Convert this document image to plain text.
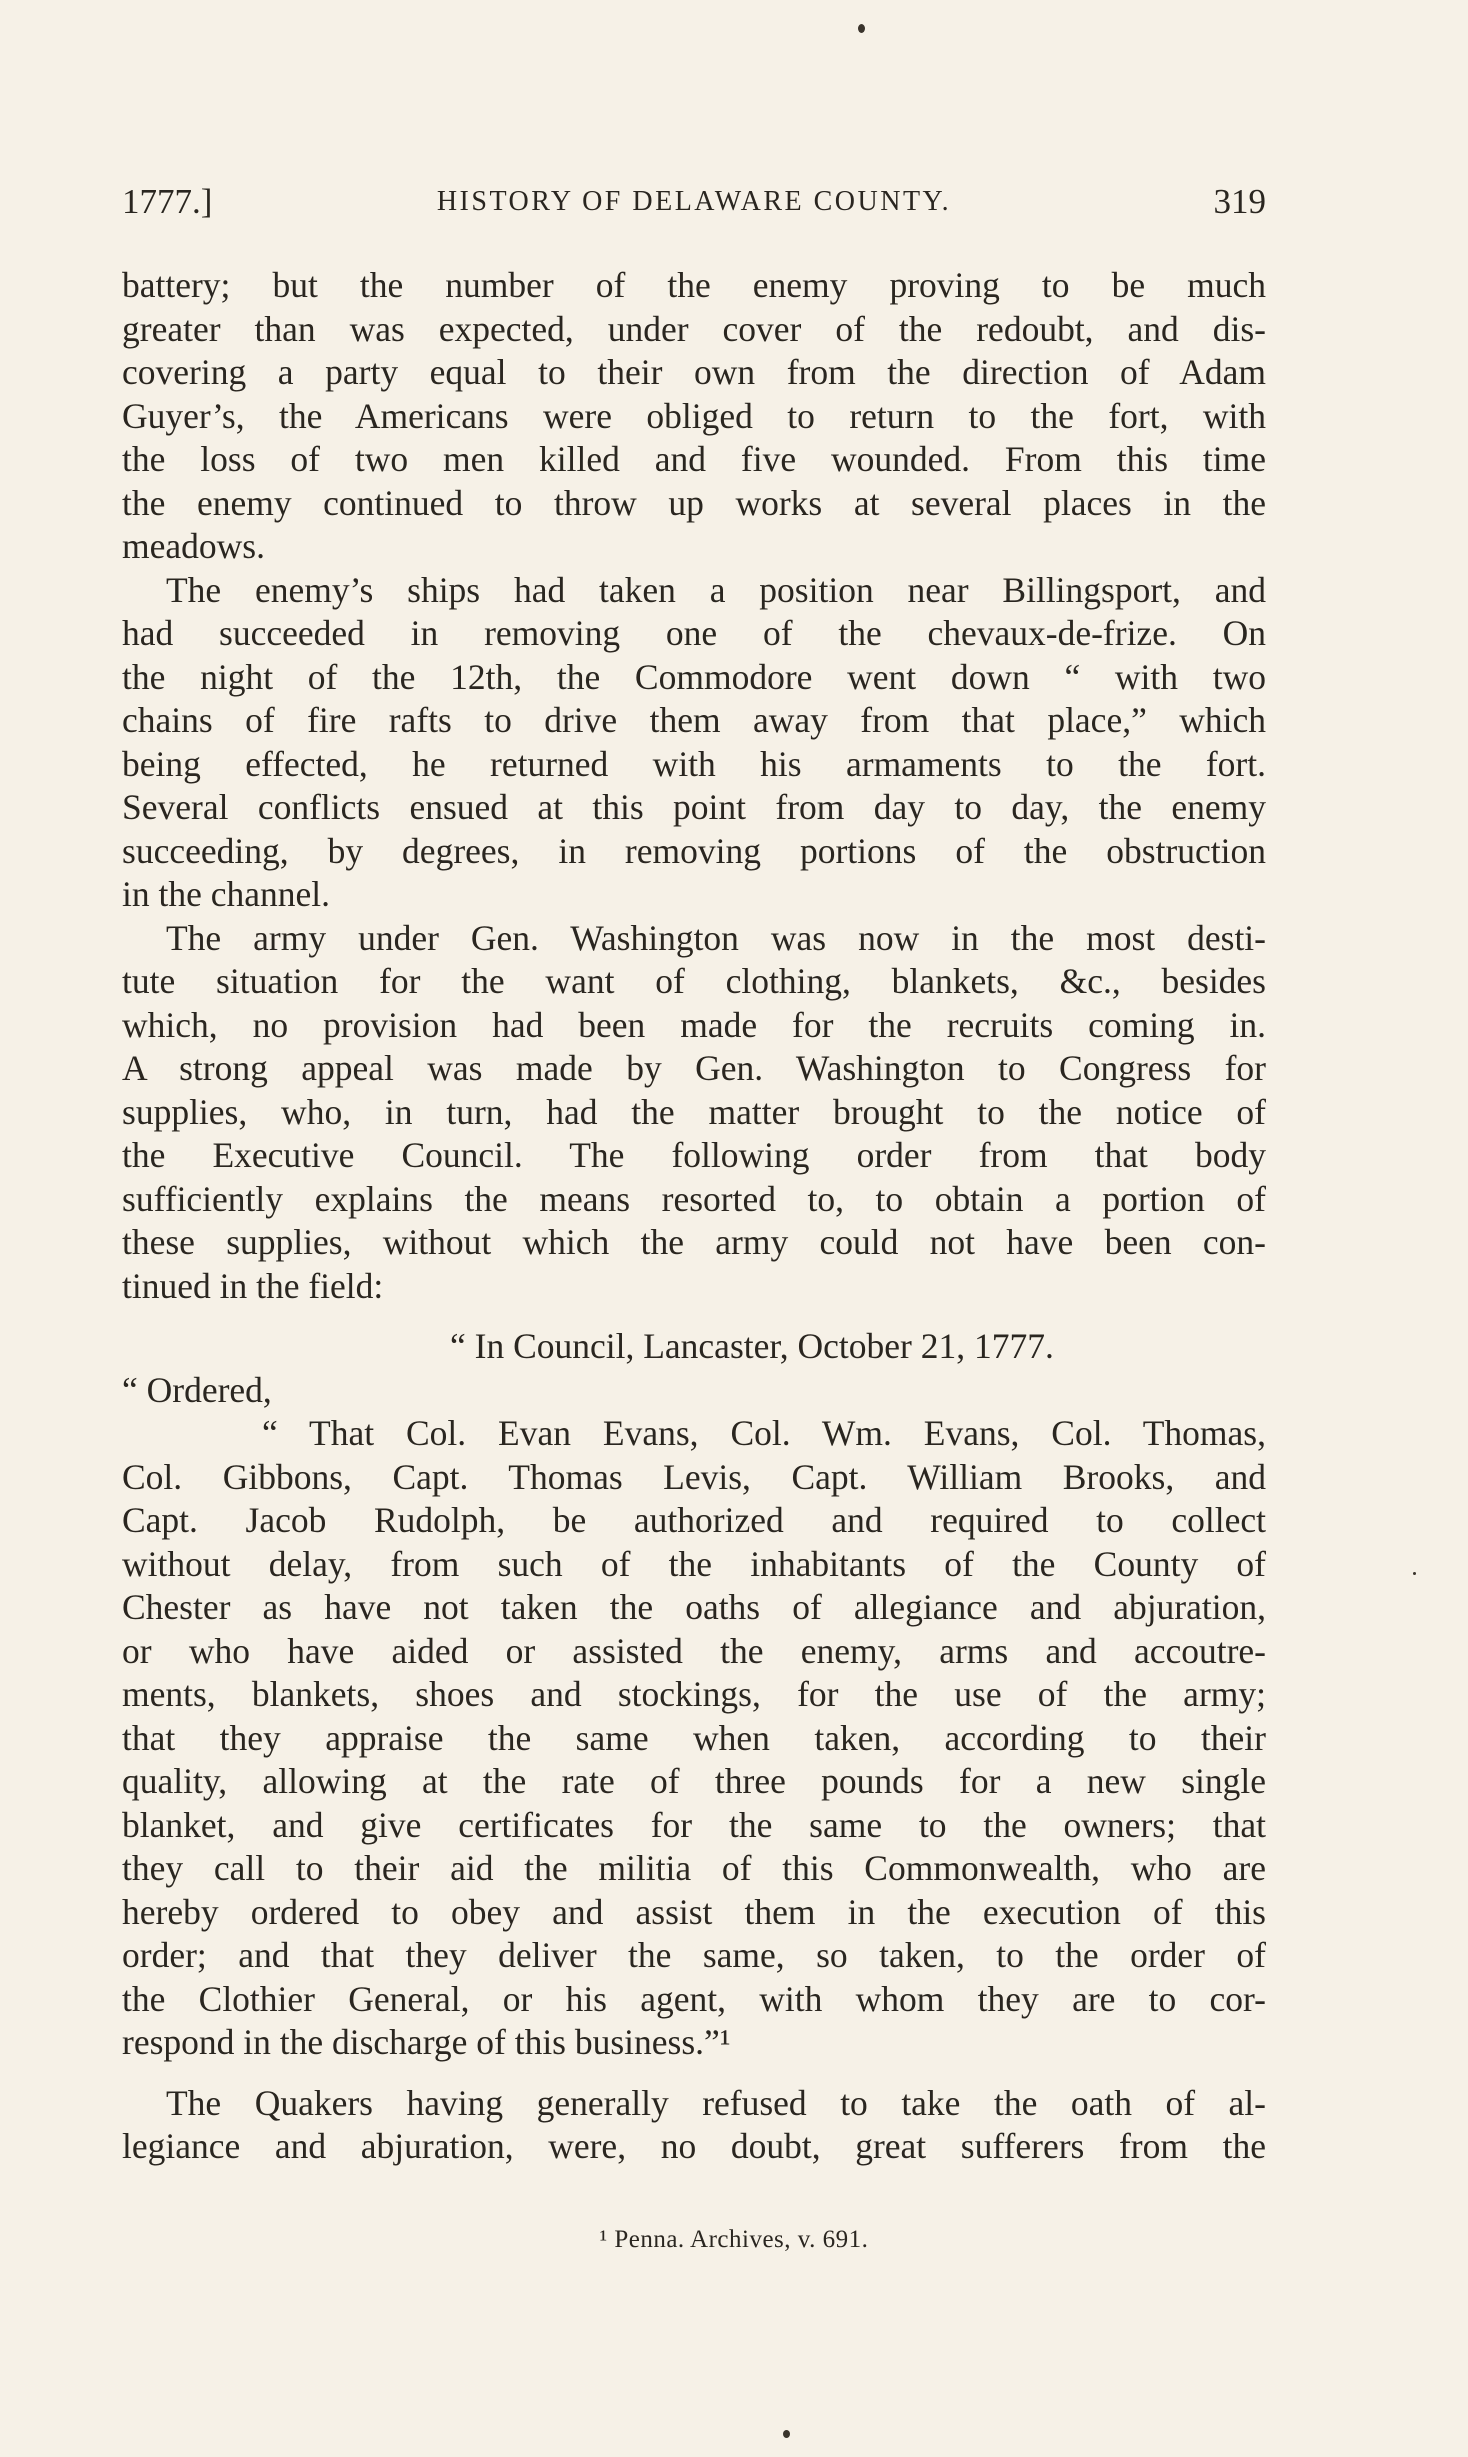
1777.]	HISTORY OF DELAWARE COUNTY.	319
battery; but the number of the enemy proving to be much
greater than was expected, under cover of the redoubt, and dis-
covering a party equal to their own from the direction of Adam
Guyer’s, the Americans were obliged to return to the fort, with
the loss of two men killed and five wounded. From this time
the enemy continued to throw up works at several places in the
meadows.
The enemy’s ships had taken a position near Billingsport, and
had succeeded in removing one of the chevaux-de-frize. On
the night of the 12th, the Commodore went down “ with two
chains of fire rafts to drive them away from that place,” which
being effected, he returned with his armaments to the fort.
Several conflicts ensued at this point from day to day, the enemy
succeeding, by degrees, in removing portions of the obstruction
in the channel.
The army under Gen. Washington was now in the most desti-
tute situation for the want of clothing, blankets, &c., besides
which, no provision had been made for the recruits coming in.
A strong appeal was made by Gen. Washington to Congress for
supplies, who, in turn, had the matter brought to the notice of
the Executive Council. The following order from that body
sufficiently explains the means resorted to, to obtain a portion of
these supplies, without which the army could not have been con-
tinued in the field:
“ In Council, Lancaster, October 21, 1777.
“ Ordered,
“ That Col. Evan Evans, Col. Wm. Evans, Col. Thomas,
Col. Gibbons, Capt. Thomas Levis, Capt. William Brooks, and
Capt. Jacob Rudolph, be authorized and required to collect
without delay, from such of the inhabitants of the County of
Chester as have not taken the oaths of allegiance and abjuration,
or who have aided or assisted the enemy, arms and accoutre-
ments, blankets, shoes and stockings, for the use of the army;
that they appraise the same when taken, according to their
quality, allowing at the rate of three pounds for a new single
blanket, and give certificates for the same to the owners; that
they call to their aid the militia of this Commonwealth, who are
hereby ordered to obey and assist them in the execution of this
order; and that they deliver the same, so taken, to the order of
the Clothier General, or his agent, with whom they are to cor-
respond in the discharge of this business.”¹
The Quakers having generally refused to take the oath of al-
legiance and abjuration, were, no doubt, great sufferers from the
¹ Penna. Archives, v. 691.
